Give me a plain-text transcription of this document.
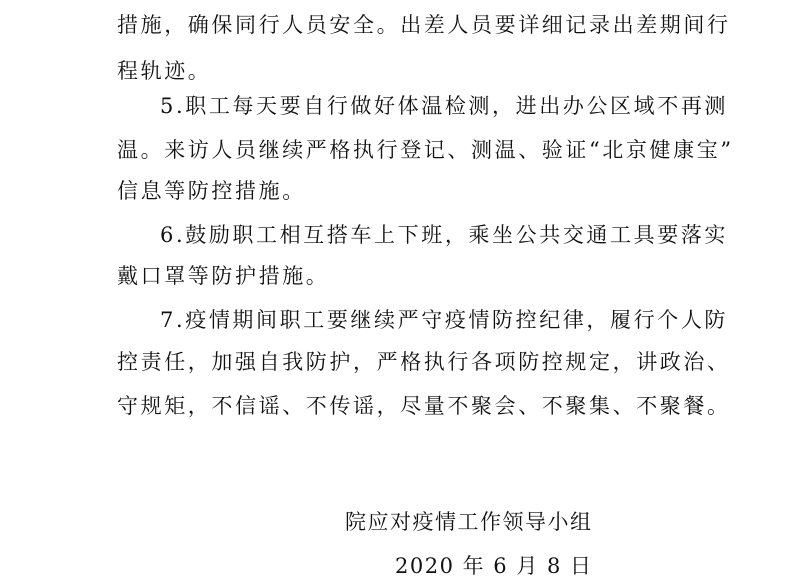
措施，确保同行人员安全。出差人员要详细记录出差期间行
程轨迹。
5.职工每天要自行做好体温检测，进出办公区域不再测
温。来访人员继续严格执行登记、测温、验证“北京健康宝”
信息等防控措施。
6.鼓励职工相互搭车上下班，乘坐公共交通工具要落实
戴口罩等防护措施。
7.疫情期间职工要继续严守疫情防控纪律，履行个人防
控责任，加强自我防护，严格执行各项防控规定，讲政治、
守规矩，不信谣、不传谣，尽量不聚会、不聚集、不聚餐。
院应对疫情工作领导小组
2020 年 6 月 8 日
